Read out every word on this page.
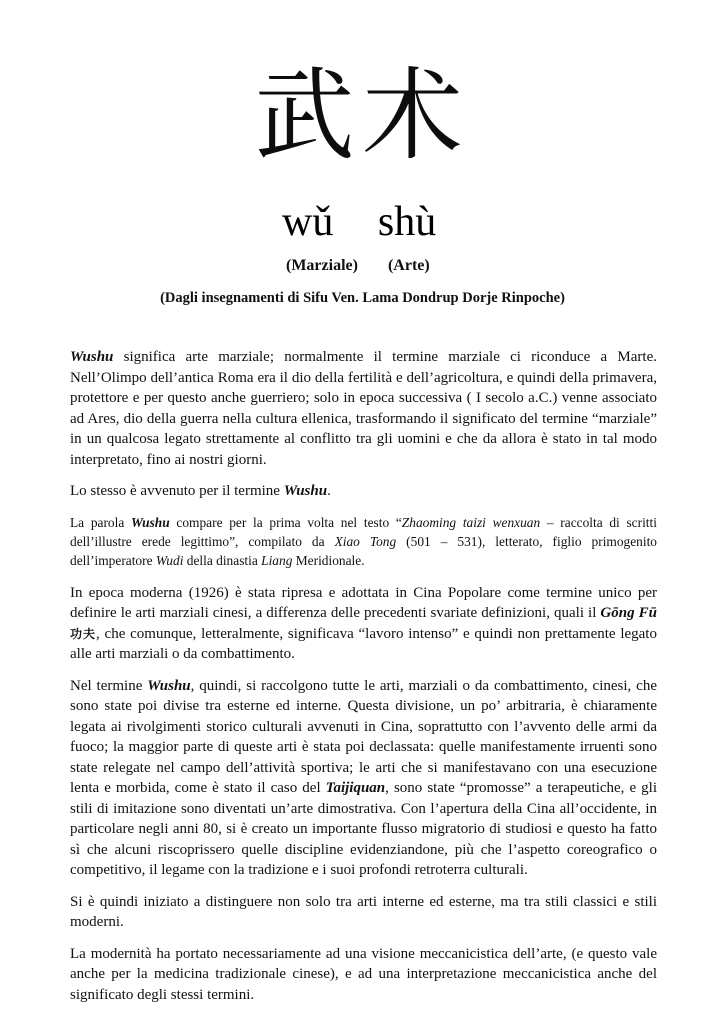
武术
wǔ shù
(Marziale) (Arte)
(Dagli insegnamenti di Sifu Ven. Lama Dondrup Dorje Rinpoche)

Wushu significa arte marziale; normalmente il termine marziale ci riconduce a Marte. Nell’Olimpo dell’antica Roma era il dio della fertilità e dell’agricoltura, e quindi della primavera, protettore e per questo anche guerriero; solo in epoca successiva ( I secolo a.C.) venne associato ad Ares, dio della guerra nella cultura ellenica, trasformando il significato del termine “marziale” in un qualcosa legato strettamente al conflitto tra gli uomini e che da allora è stato in tal modo interpretato, fino ai nostri giorni.

Lo stesso è avvenuto per il termine Wushu.

La parola Wushu compare per la prima volta nel testo “Zhaoming taizi wenxuan – raccolta di scritti dell’illustre erede legittimo”, compilato da Xiao Tong (501 – 531), letterato, figlio primogenito dell’imperatore Wudi della dinastia Liang Meridionale.

In epoca moderna (1926) è stata ripresa e adottata in Cina Popolare come termine unico per definire le arti marziali cinesi, a differenza delle precedenti svariate definizioni, quali il Gōng Fū 功夫, che comunque, letteralmente, significava “lavoro intenso” e quindi non prettamente legato alle arti marziali o da combattimento.

Nel termine Wushu, quindi, si raccolgono tutte le arti, marziali o da combattimento, cinesi, che sono state poi divise tra esterne ed interne. Questa divisione, un po’ arbitraria, è chiaramente legata ai rivolgimenti storico culturali avvenuti in Cina, soprattutto con l’avvento delle armi da fuoco; la maggior parte di queste arti è stata poi declassata: quelle manifestamente irruenti sono state relegate nel campo dell’attività sportiva; le arti che si manifestavano con una esecuzione lenta e morbida, come è stato il caso del Taijiquan, sono state “promosse” a terapeutiche, e gli stili di imitazione sono diventati un’arte dimostrativa. Con l’apertura della Cina all’occidente, in particolare negli anni 80, si è creato un importante flusso migratorio di studiosi e questo ha fatto sì che alcuni riscoprissero quelle discipline evidenziandone, più che l’aspetto coreografico o competitivo, il legame con la tradizione e i suoi profondi retroterra culturali.

Si è quindi iniziato a distinguere non solo tra arti interne ed esterne, ma tra stili classici e stili moderni.

La modernità ha portato necessariamente ad una visione meccanicistica dell’arte, (e questo vale anche per la medicina tradizionale cinese), e ad una interpretazione meccanicistica anche del significato degli stessi termini.
